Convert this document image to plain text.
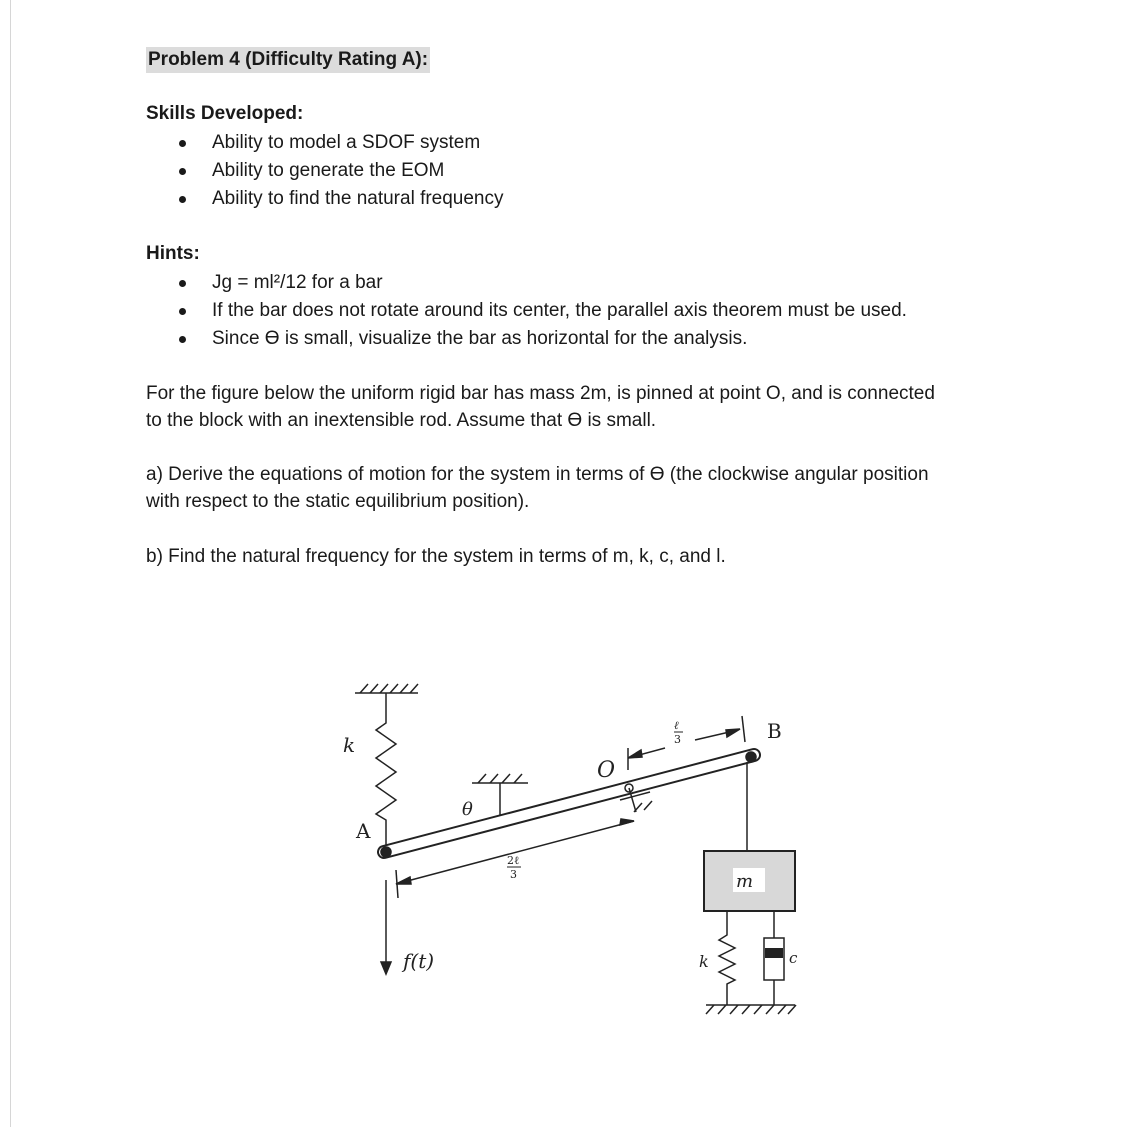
Problem 4 (Difficulty Rating A):
Skills Developed:
Ability to model a SDOF system
Ability to generate the EOM
Ability to find the natural frequency
Hints:
Jg = ml²/12 for a bar
If the bar does not rotate around its center, the parallel axis theorem must be used.
Since ϴ is small, visualize the bar as horizontal for the analysis.
For the figure below the uniform rigid bar has mass 2m, is pinned at point O, and is connected
to the block with an inextensible rod. Assume that ϴ is small.
a) Derive the equations of motion for the system in terms of ϴ (the clockwise angular position
with respect to the static equilibrium position).
b) Find the natural frequency for the system in terms of m, k, c, and l.
k
A
θ
O
B
m
k	c
f(t)
ℓ
3
2ℓ
3
